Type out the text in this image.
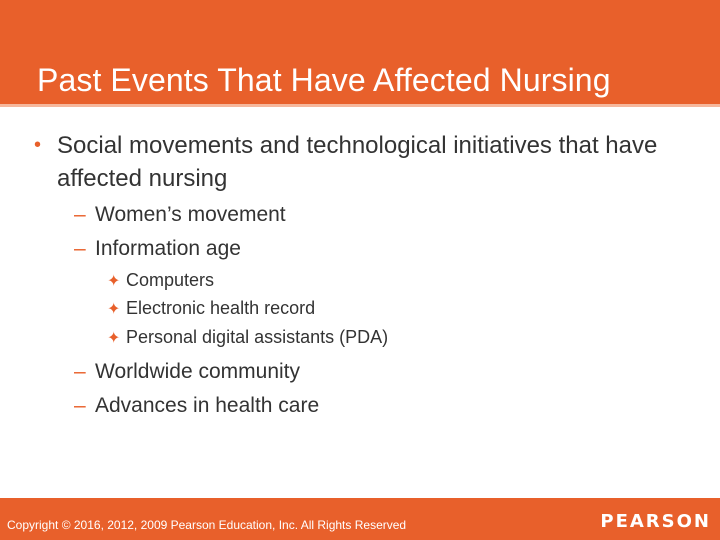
Past Events That Have Affected Nursing
• Social movements and technological initiatives that have affected nursing
– Women’s movement
– Information age
✦ Computers
✦ Electronic health record
✦ Personal digital assistants (PDA)
– Worldwide community
– Advances in health care
Copyright © 2016, 2012, 2009 Pearson Education, Inc. All Rights Reserved	PEARSON
